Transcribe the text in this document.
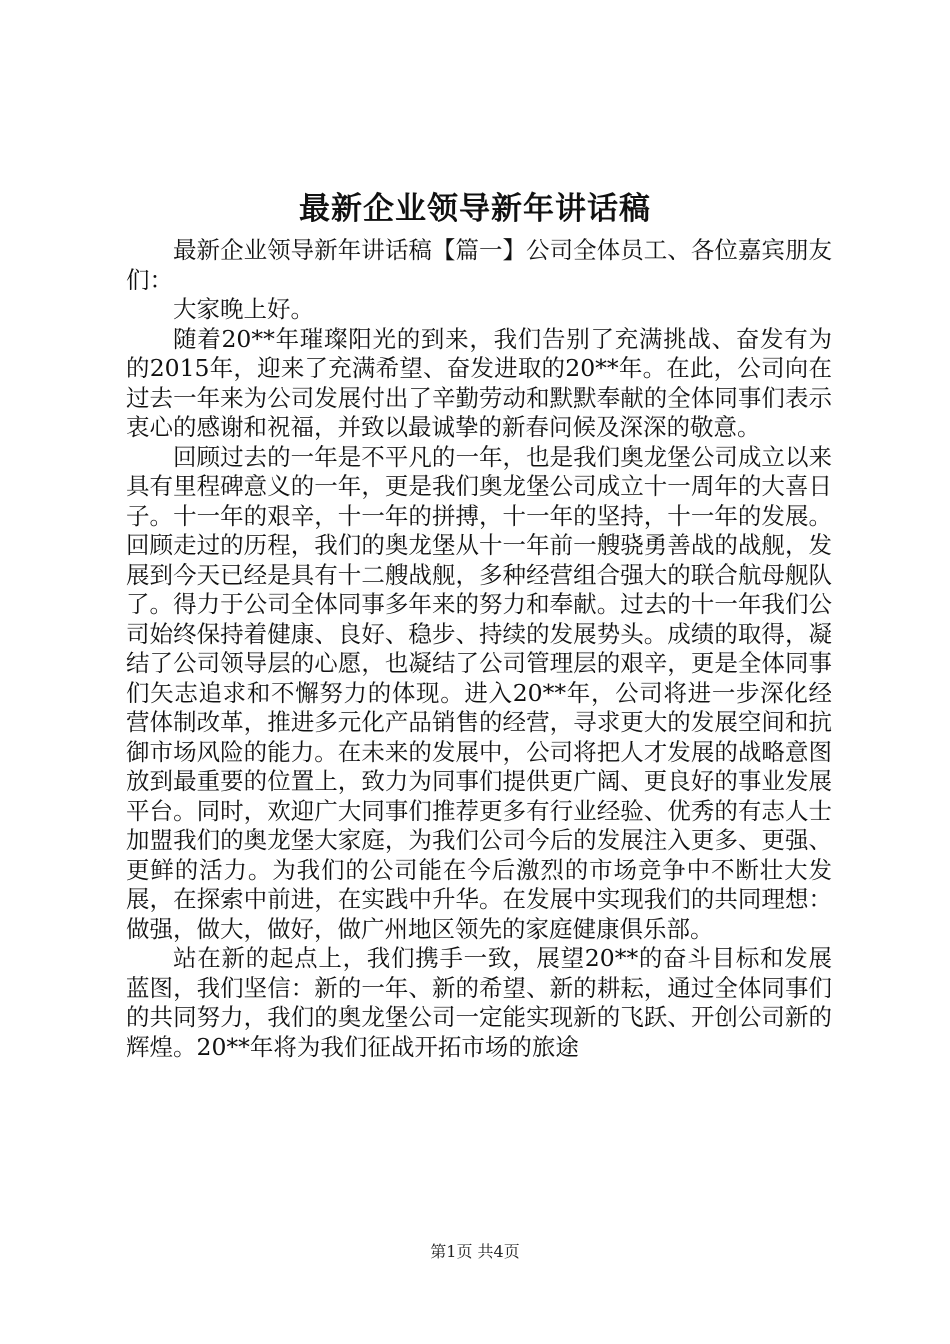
最新企业领导新年讲话稿

最新企业领导新年讲话稿【篇一】公司全体员工、各位嘉宾朋友们：

大家晚上好。

随着20**年璀璨阳光的到来，我们告别了充满挑战、奋发有为的2015年，迎来了充满希望、奋发进取的20**年。在此，公司向在过去一年来为公司发展付出了辛勤劳动和默默奉献的全体同事们表示衷心的感谢和祝福，并致以最诚挚的新春问候及深深的敬意。

回顾过去的一年是不平凡的一年，也是我们奥龙堡公司成立以来具有里程碑意义的一年，更是我们奥龙堡公司成立十一周年的大喜日子。十一年的艰辛，十一年的拼搏，十一年的坚持，十一年的发展。回顾走过的历程，我们的奥龙堡从十一年前一艘骁勇善战的战舰，发展到今天已经是具有十二艘战舰，多种经营组合强大的联合航母舰队了。得力于公司全体同事多年来的努力和奉献。过去的十一年我们公司始终保持着健康、良好、稳步、持续的发展势头。成绩的取得，凝结了公司领导层的心愿，也凝结了公司管理层的艰辛，更是全体同事们矢志追求和不懈努力的体现。进入20**年，公司将进一步深化经营体制改革，推进多元化产品销售的经营，寻求更大的发展空间和抗御市场风险的能力。在未来的发展中，公司将把人才发展的战略意图放到最重要的位置上，致力为同事们提供更广阔、更良好的事业发展平台。同时，欢迎广大同事们推荐更多有行业经验、优秀的有志人士加盟我们的奥龙堡大家庭，为我们公司今后的发展注入更多、更强、更鲜的活力。为我们的公司能在今后激烈的市场竞争中不断壮大发展，在探索中前进，在实践中升华。在发展中实现我们的共同理想：做强，做大，做好，做广州地区领先的家庭健康俱乐部。

站在新的起点上，我们携手一致，展望20**的奋斗目标和发展蓝图，我们坚信：新的一年、新的希望、新的耕耘，通过全体同事们的共同努力，我们的奥龙堡公司一定能实现新的飞跃、开创公司新的辉煌。20**年将为我们征战开拓市场的旅途

第1页 共4页
